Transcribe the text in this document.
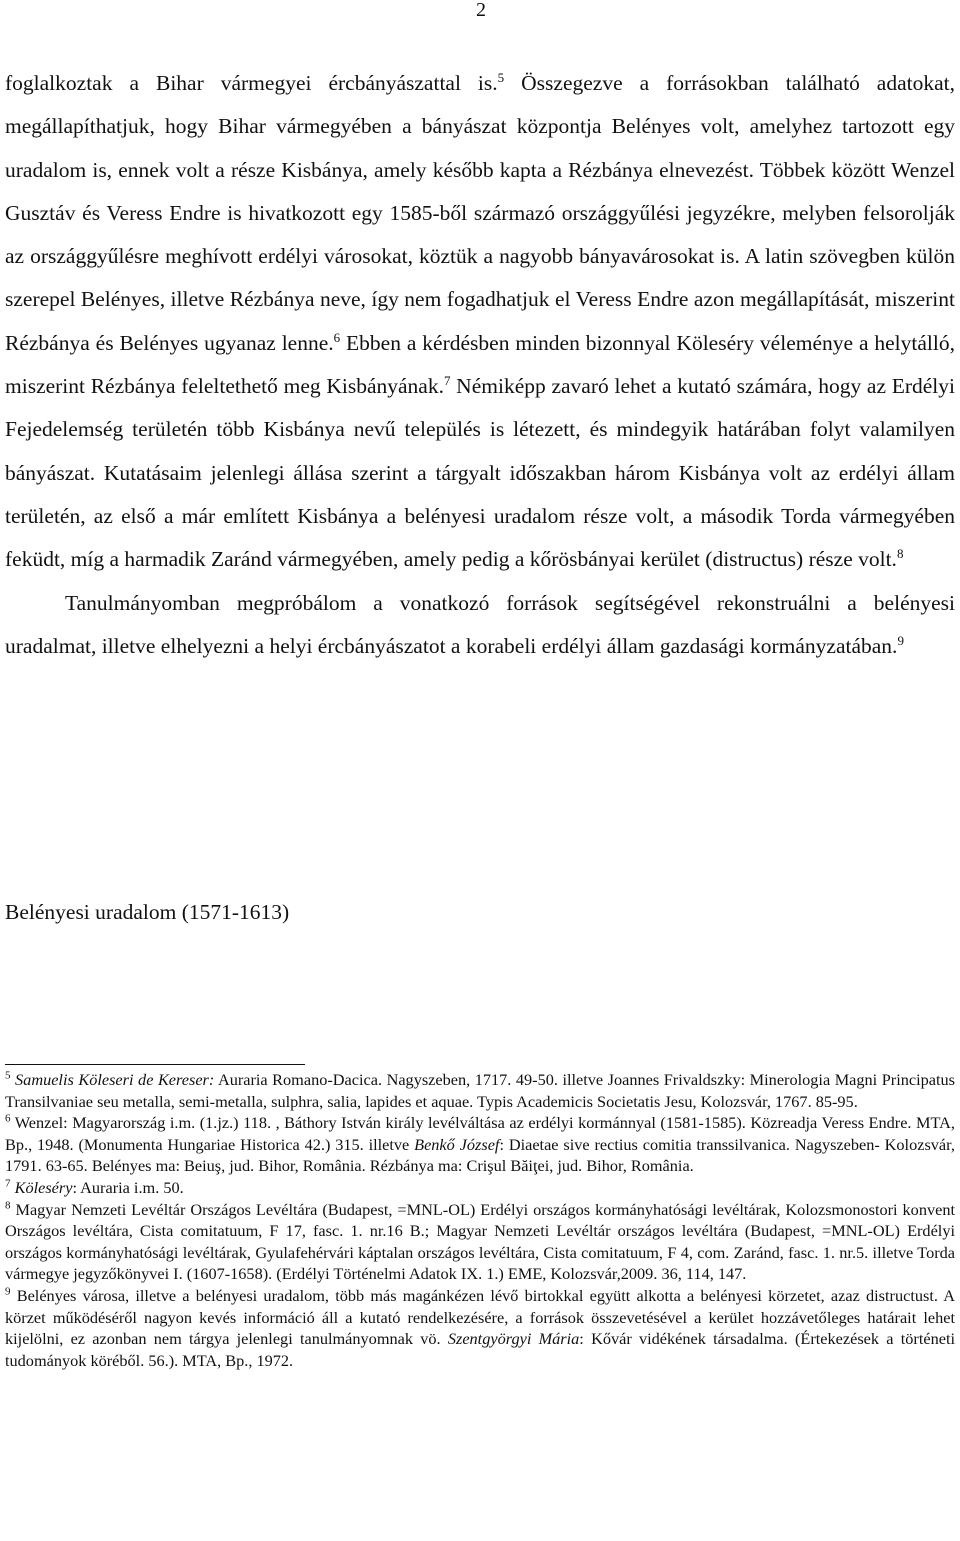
2

foglalkoztak a Bihar vármegyei ércbányászattal is.$^5$ Összegezve a forrásokban található adatokat, megállapíthatjuk, hogy Bihar vármegyében a bányászat központja Belényes volt, amelyhez tartozott egy uradalom is, ennek volt a része Kisbánya, amely később kapta a Rézbánya elnevezést. Többek között Wenzel Gusztáv és Veress Endre is hivatkozott egy 1585-ből származó országgyűlési jegyzékre, melyben felsorolják az országgyűlésre meghívott erdélyi városokat, köztük a nagyobb bányavárosokat is. A latin szövegben külön szerepel Belényes, illetve Rézbánya neve, így nem fogadhatjuk el Veress Endre azon megállapítását, miszerint Rézbánya és Belényes ugyanaz lenne.$^6$ Ebben a kérdésben minden bizonnyal Köleséry véleménye a helytálló, miszerint Rézbánya feleltethető meg Kisbányának.$^7$ Némiképp zavaró lehet a kutató számára, hogy az Erdélyi Fejedelemség területén több Kisbánya nevű település is létezett, és mindegyik határában folyt valamilyen bányászat. Kutatásaim jelenlegi állása szerint a tárgyalt időszakban három Kisbánya volt az erdélyi állam területén, az első a már említett Kisbánya a belényesi uradalom része volt, a második Torda vármegyében feküdt, míg a harmadik Zaránd vármegyében, amely pedig a kőrösbányai kerület (distructus) része volt.$^8$

Tanulmányomban megpróbálom a vonatkozó források segítségével rekonstruálni a belényesi uradalmat, illetve elhelyezni a helyi ércbányászatot a korabeli erdélyi állam gazdasági kormányzatában.$^9$

Belényesi uradalom (1571-1613)

$^5$ Samuelis Köleseri de Kereser: Auraria Romano-Dacica. Nagyszeben, 1717. 49-50. illetve Joannes Frivaldszky: Minerologia Magni Principatus Transilvaniae seu metalla, semi-metalla, sulphra, salia, lapides et aquae. Typis Academicis Societatis Jesu, Kolozsvár, 1767. 85-95.

$^6$ Wenzel: Magyarország i.m. (1.jz.) 118. , Báthory István király levélváltása az erdélyi kormánnyal (1581-1585). Közreadja Veress Endre. MTA, Bp., 1948. (Monumenta Hungariae Historica 42.) 315. illetve Benkő József: Diaetae sive rectius comitia transsilvanica. Nagyszeben- Kolozsvár, 1791. 63-65. Belényes ma: Beiuş, jud. Bihor, România. Rézbánya ma: Crişul Băiţei, jud. Bihor, România.

$^7$ Köleséry: Auraria i.m. 50.

$^8$ Magyar Nemzeti Levéltár Országos Levéltára (Budapest, =MNL-OL) Erdélyi országos kormányhatósági levéltárak, Kolozsmonostori konvent Országos levéltára, Cista comitatuum, F 17, fasc. 1. nr.16 B.; Magyar Nemzeti Levéltár országos levéltára (Budapest, =MNL-OL) Erdélyi országos kormányhatósági levéltárak, Gyulafehérvári káptalan országos levéltára, Cista comitatuum, F 4, com. Zaránd, fasc. 1. nr.5. illetve Torda vármegye jegyzőkönyvei I. (1607-1658). (Erdélyi Történelmi Adatok IX. 1.) EME, Kolozsvár,2009. 36, 114, 147.

$^9$ Belényes városa, illetve a belényesi uradalom, több más magánkézen lévő birtokkal együtt alkotta a belényesi körzetet, azaz distructust. A körzet működéséről nagyon kevés információ áll a kutató rendelkezésére, a források összevetésével a kerület hozzávetőleges határait lehet kijelölni, ez azonban nem tárgya jelenlegi tanulmányomnak vö. Szentgyörgyi Mária: Kővár vidékének társadalma. (Értekezések a történeti tudományok köréből. 56.). MTA, Bp., 1972.
